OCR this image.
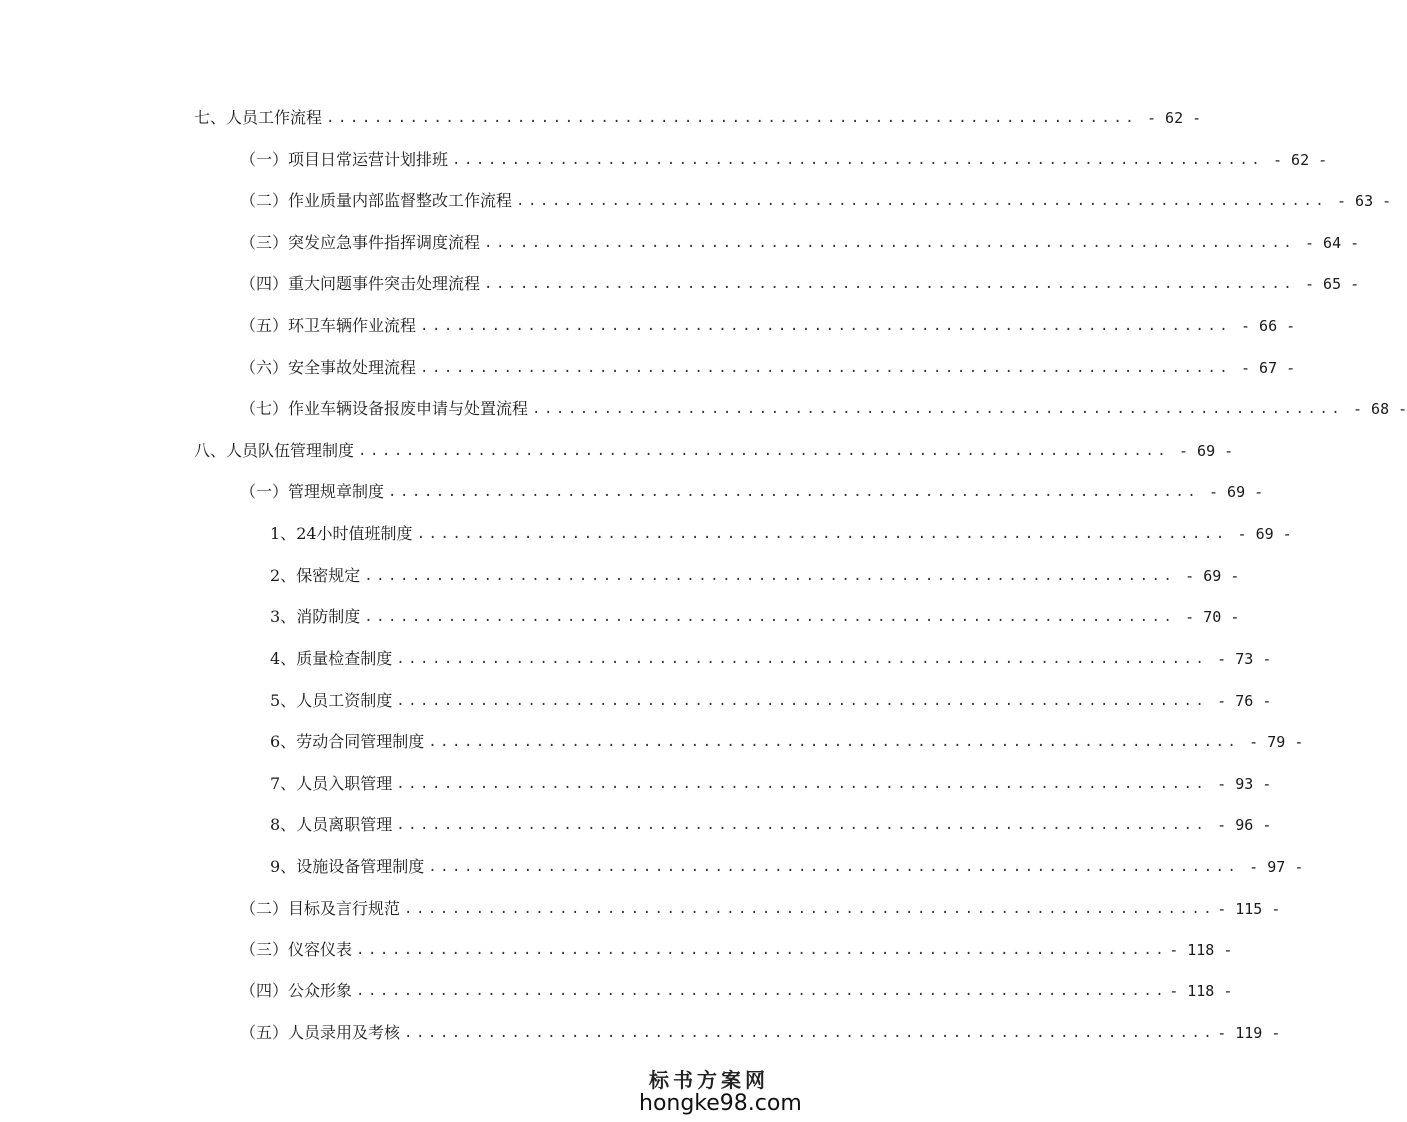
七、 人员工作流程 .................................................................... - 62 -
（一） 项目日常运营计划排班 .................................................................... - 62 -
（二） 作业质量内部监督整改工作流程 .................................................................... - 63 -
（三） 突发应急事件指挥调度流程 .................................................................... - 64 -
（四） 重大问题事件突击处理流程 .................................................................... - 65 -
（五） 环卫车辆作业流程 .................................................................... - 66 -
（六） 安全事故处理流程 .................................................................... - 67 -
（七） 作业车辆设备报废申请与处置流程 .................................................................... - 68 -
八、 人员队伍管理制度 .................................................................... - 69 -
（一） 管理规章制度 .................................................................... - 69 -
1、 24小时值班制度 .................................................................... - 69 -
2、 保密规定 .................................................................... - 69 -
3、 消防制度 .................................................................... - 70 -
4、 质量检查制度 .................................................................... - 73 -
5、 人员工资制度 .................................................................... - 76 -
6、 劳动合同管理制度 .................................................................... - 79 -
7、 人员入职管理 .................................................................... - 93 -
8、 人员离职管理 .................................................................... - 96 -
9、 设施设备管理制度 .................................................................... - 97 -
（二） 目标及言行规范 .................................................................... - 115 -
（三） 仪容仪表 .................................................................... - 118 -
（四） 公众形象 .................................................................... - 118 -
（五） 人员录用及考核 .................................................................... - 119 -
标书方案网
hongke98.com
